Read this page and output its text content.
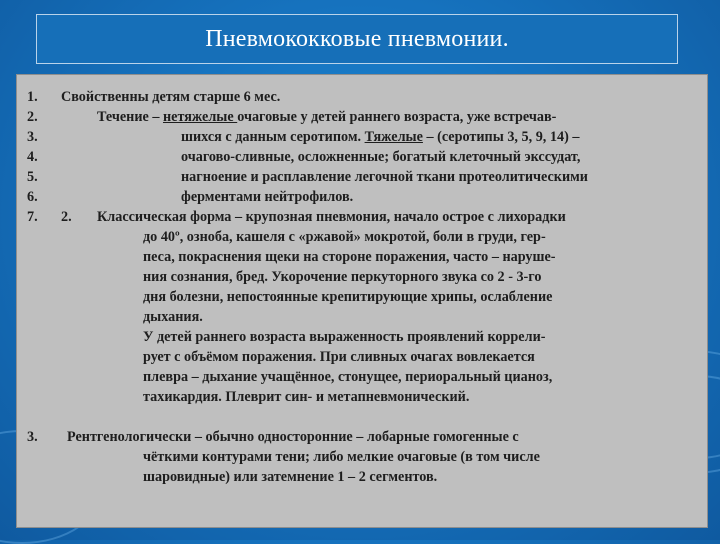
Пневмококковые пневмонии.
1.
2.
3.
4.
5.
6.
7.
3.
2.
Свойственны детям старше 6 мес.
Течение – нетяжелые очаговые у детей раннего возраста, уже встречав-
шихся с данным серотипом. Тяжелые – (серотипы 3, 5, 9, 14) –
очагово-сливные, осложненные; богатый клеточный экссудат,
нагноение и расплавление легочной ткани протеолитическими
ферментами нейтрофилов.
Классическая форма – крупозная пневмония, начало острое с лихорадки
до 40º, озноба, кашеля с «ржавой» мокротой, боли в груди, гер-
песа, покраснения щеки на стороне поражения, часто – наруше-
ния сознания, бред. Укорочение перкуторного звука со 2 - 3-го
дня болезни, непостоянные крепитирующие хрипы, ослабление
дыхания.
У детей раннего возраста выраженность проявлений коррели-
рует с объёмом поражения. При сливных очагах вовлекается
плевра – дыхание учащённое, стонущее, периоральный цианоз,
тахикардия. Плеврит син- и метапневмонический.
Рентгенологически – обычно односторонние – лобарные гомогенные с
чёткими контурами тени; либо мелкие очаговые (в том числе
шаровидные) или затемнение 1 – 2 сегментов.
